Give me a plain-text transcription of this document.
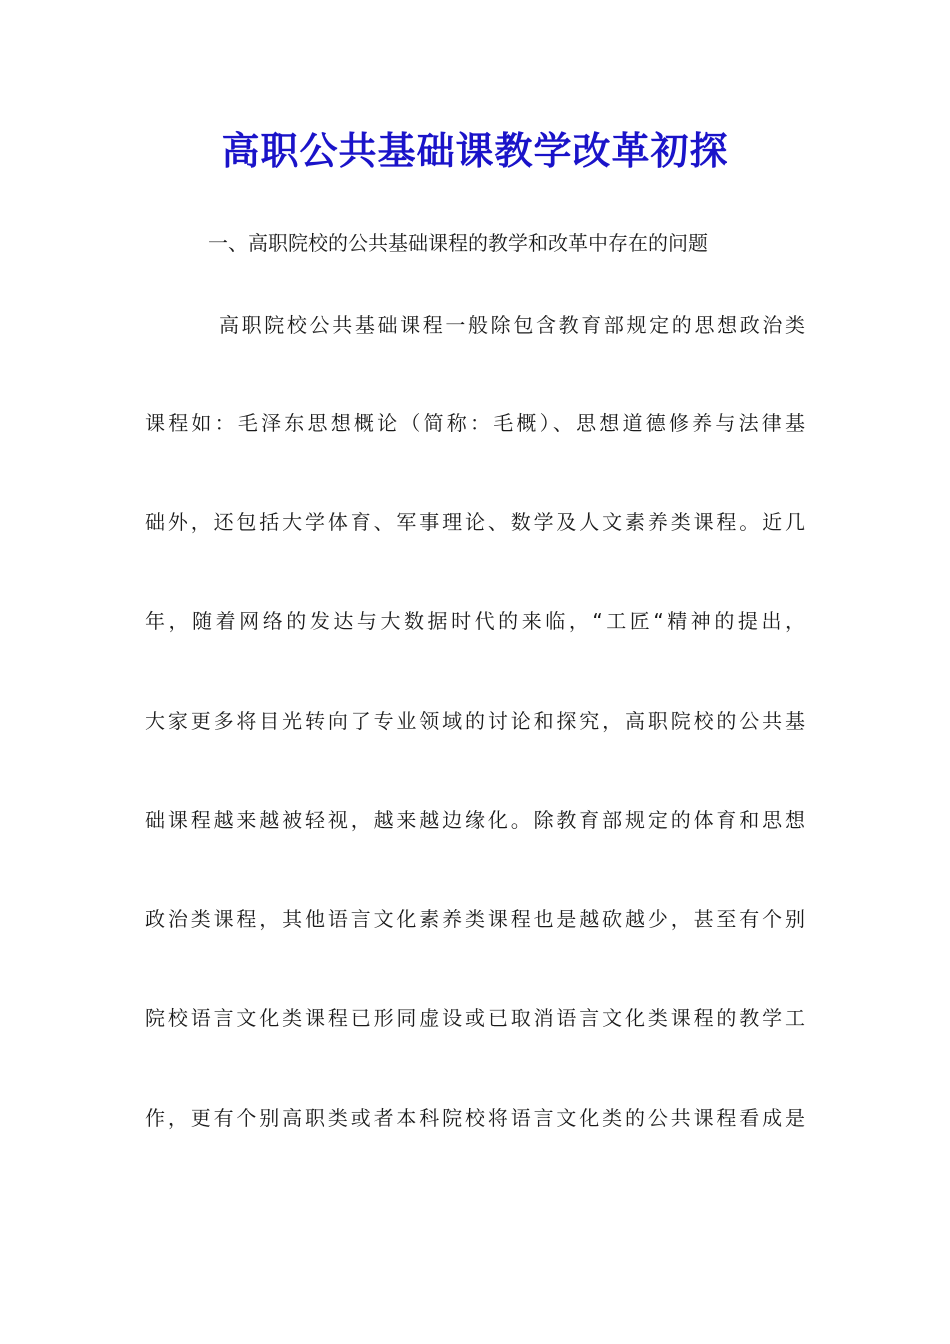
高职公共基础课教学改革初探
一、高职院校的公共基础课程的教学和改革中存在的问题
高职院校公共基础课程一般除包含教育部规定的思想政治类
课程如：毛泽东思想概论（简称：毛概）、思想道德修养与法律基
础外，还包括大学体育、军事理论、数学及人文素养类课程。近几
年，随着网络的发达与大数据时代的来临，“工匠“精神的提出，
大家更多将目光转向了专业领域的讨论和探究，高职院校的公共基
础课程越来越被轻视，越来越边缘化。除教育部规定的体育和思想
政治类课程，其他语言文化素养类课程也是越砍越少，甚至有个别
院校语言文化类课程已形同虚设或已取消语言文化类课程的教学工
作，更有个别高职类或者本科院校将语言文化类的公共课程看成是
